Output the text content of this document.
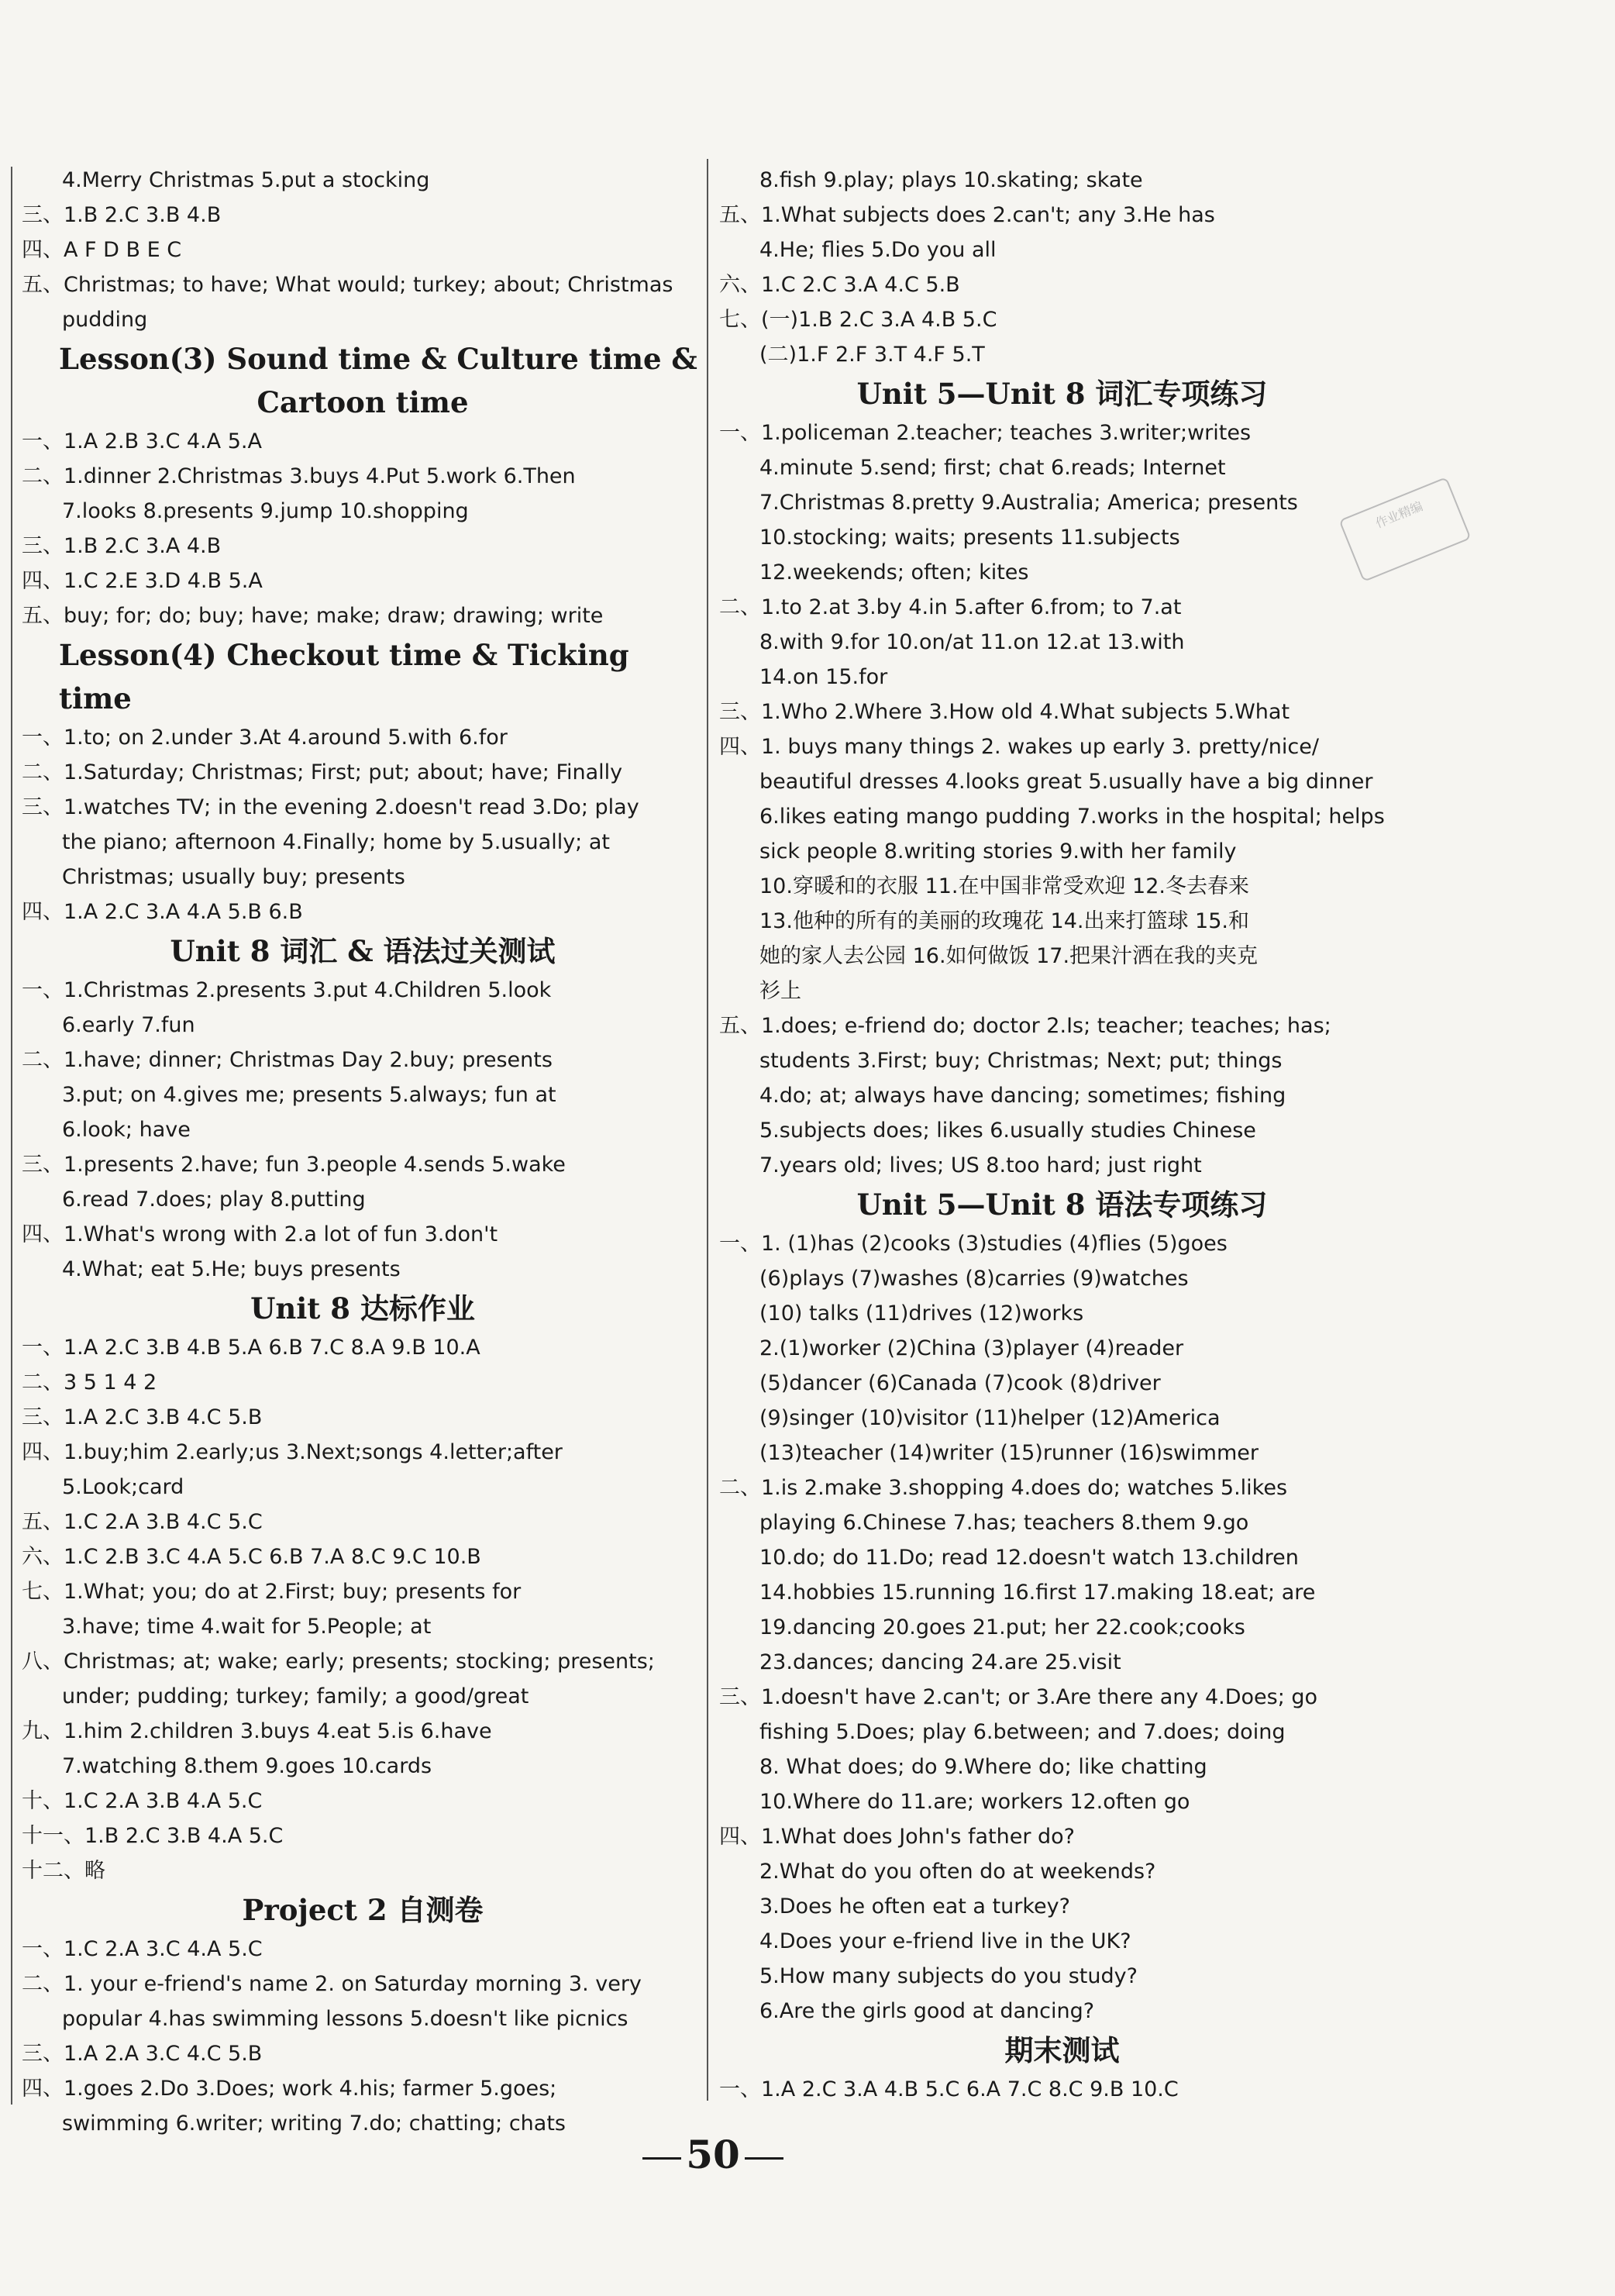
4.Merry Christmas 5.put a stocking
三、1.B 2.C 3.B 4.B
四、A F D B E C
五、Christmas; to have; What would; turkey; about; Christmas
pudding
Lesson(3) Sound time & Culture time &
Cartoon time
一、1.A 2.B 3.C 4.A 5.A
二、1.dinner 2.Christmas 3.buys 4.Put 5.work 6.Then
7.looks 8.presents 9.jump 10.shopping
三、1.B 2.C 3.A 4.B
四、1.C 2.E 3.D 4.B 5.A
五、buy; for; do; buy; have; make; draw; drawing; write
Lesson(4) Checkout time & Ticking time
一、1.to; on 2.under 3.At 4.around 5.with 6.for
二、1.Saturday; Christmas; First; put; about; have; Finally
三、1.watches TV; in the evening 2.doesn't read 3.Do; play
the piano; afternoon 4.Finally; home by 5.usually; at
Christmas; usually buy; presents
四、1.A 2.C 3.A 4.A 5.B 6.B
Unit 8 词汇 & 语法过关测试
一、1.Christmas 2.presents 3.put 4.Children 5.look
6.early 7.fun
二、1.have; dinner; Christmas Day 2.buy; presents
3.put; on 4.gives me; presents 5.always; fun at
6.look; have
三、1.presents 2.have; fun 3.people 4.sends 5.wake
6.read 7.does; play 8.putting
四、1.What's wrong with 2.a lot of fun 3.don't
4.What; eat 5.He; buys presents
Unit 8 达标作业
一、1.A 2.C 3.B 4.B 5.A 6.B 7.C 8.A 9.B 10.A
二、3 5 1 4 2
三、1.A 2.C 3.B 4.C 5.B
四、1.buy;him 2.early;us 3.Next;songs 4.letter;after
5.Look;card
五、1.C 2.A 3.B 4.C 5.C
六、1.C 2.B 3.C 4.A 5.C 6.B 7.A 8.C 9.C 10.B
七、1.What; you; do at 2.First; buy; presents for
3.have; time 4.wait for 5.People; at
八、Christmas; at; wake; early; presents; stocking; presents;
under; pudding; turkey; family; a good/great
九、1.him 2.children 3.buys 4.eat 5.is 6.have
7.watching 8.them 9.goes 10.cards
十、1.C 2.A 3.B 4.A 5.C
十一、1.B 2.C 3.B 4.A 5.C
十二、略
Project 2 自测卷
一、1.C 2.A 3.C 4.A 5.C
二、1. your e-friend's name 2. on Saturday morning 3. very
popular 4.has swimming lessons 5.doesn't like picnics
三、1.A 2.A 3.C 4.C 5.B
四、1.goes 2.Do 3.Does; work 4.his; farmer 5.goes;
swimming 6.writer; writing 7.do; chatting; chats
8.fish 9.play; plays 10.skating; skate
五、1.What subjects does 2.can't; any 3.He has
4.He; flies 5.Do you all
六、1.C 2.C 3.A 4.C 5.B
七、(一)1.B 2.C 3.A 4.B 5.C
(二)1.F 2.F 3.T 4.F 5.T
Unit 5—Unit 8 词汇专项练习
一、1.policeman 2.teacher; teaches 3.writer;writes
4.minute 5.send; first; chat 6.reads; Internet
7.Christmas 8.pretty 9.Australia; America; presents
10.stocking; waits; presents 11.subjects
12.weekends; often; kites
二、1.to 2.at 3.by 4.in 5.after 6.from; to 7.at
8.with 9.for 10.on/at 11.on 12.at 13.with
14.on 15.for
三、1.Who 2.Where 3.How old 4.What subjects 5.What
四、1. buys many things 2. wakes up early 3. pretty/nice/
beautiful dresses 4.looks great 5.usually have a big dinner
6.likes eating mango pudding 7.works in the hospital; helps
sick people 8.writing stories 9.with her family
10.穿暖和的衣服 11.在中国非常受欢迎 12.冬去春来
13.他种的所有的美丽的玫瑰花 14.出来打篮球 15.和
她的家人去公园 16.如何做饭 17.把果汁洒在我的夹克
衫上
五、1.does; e-friend do; doctor 2.Is; teacher; teaches; has;
students 3.First; buy; Christmas; Next; put; things
4.do; at; always have dancing; sometimes; fishing
5.subjects does; likes 6.usually studies Chinese
7.years old; lives; US 8.too hard; just right
Unit 5—Unit 8 语法专项练习
一、1. (1)has (2)cooks (3)studies (4)flies (5)goes
(6)plays (7)washes (8)carries (9)watches
(10) talks (11)drives (12)works
2.(1)worker (2)China (3)player (4)reader
(5)dancer (6)Canada (7)cook (8)driver
(9)singer (10)visitor (11)helper (12)America
(13)teacher (14)writer (15)runner (16)swimmer
二、1.is 2.make 3.shopping 4.does do; watches 5.likes
playing 6.Chinese 7.has; teachers 8.them 9.go
10.do; do 11.Do; read 12.doesn't watch 13.children
14.hobbies 15.running 16.first 17.making 18.eat; are
19.dancing 20.goes 21.put; her 22.cook;cooks
23.dances; dancing 24.are 25.visit
三、1.doesn't have 2.can't; or 3.Are there any 4.Does; go
fishing 5.Does; play 6.between; and 7.does; doing
8. What does; do 9.Where do; like chatting
10.Where do 11.are; workers 12.often go
四、1.What does John's father do?
2.What do you often do at weekends?
3.Does he often eat a turkey?
4.Does your e-friend live in the UK?
5.How many subjects do you study?
6.Are the girls good at dancing?
期末测试
一、1.A 2.C 3.A 4.B 5.C 6.A 7.C 8.C 9.B 10.C
作业精编
50
